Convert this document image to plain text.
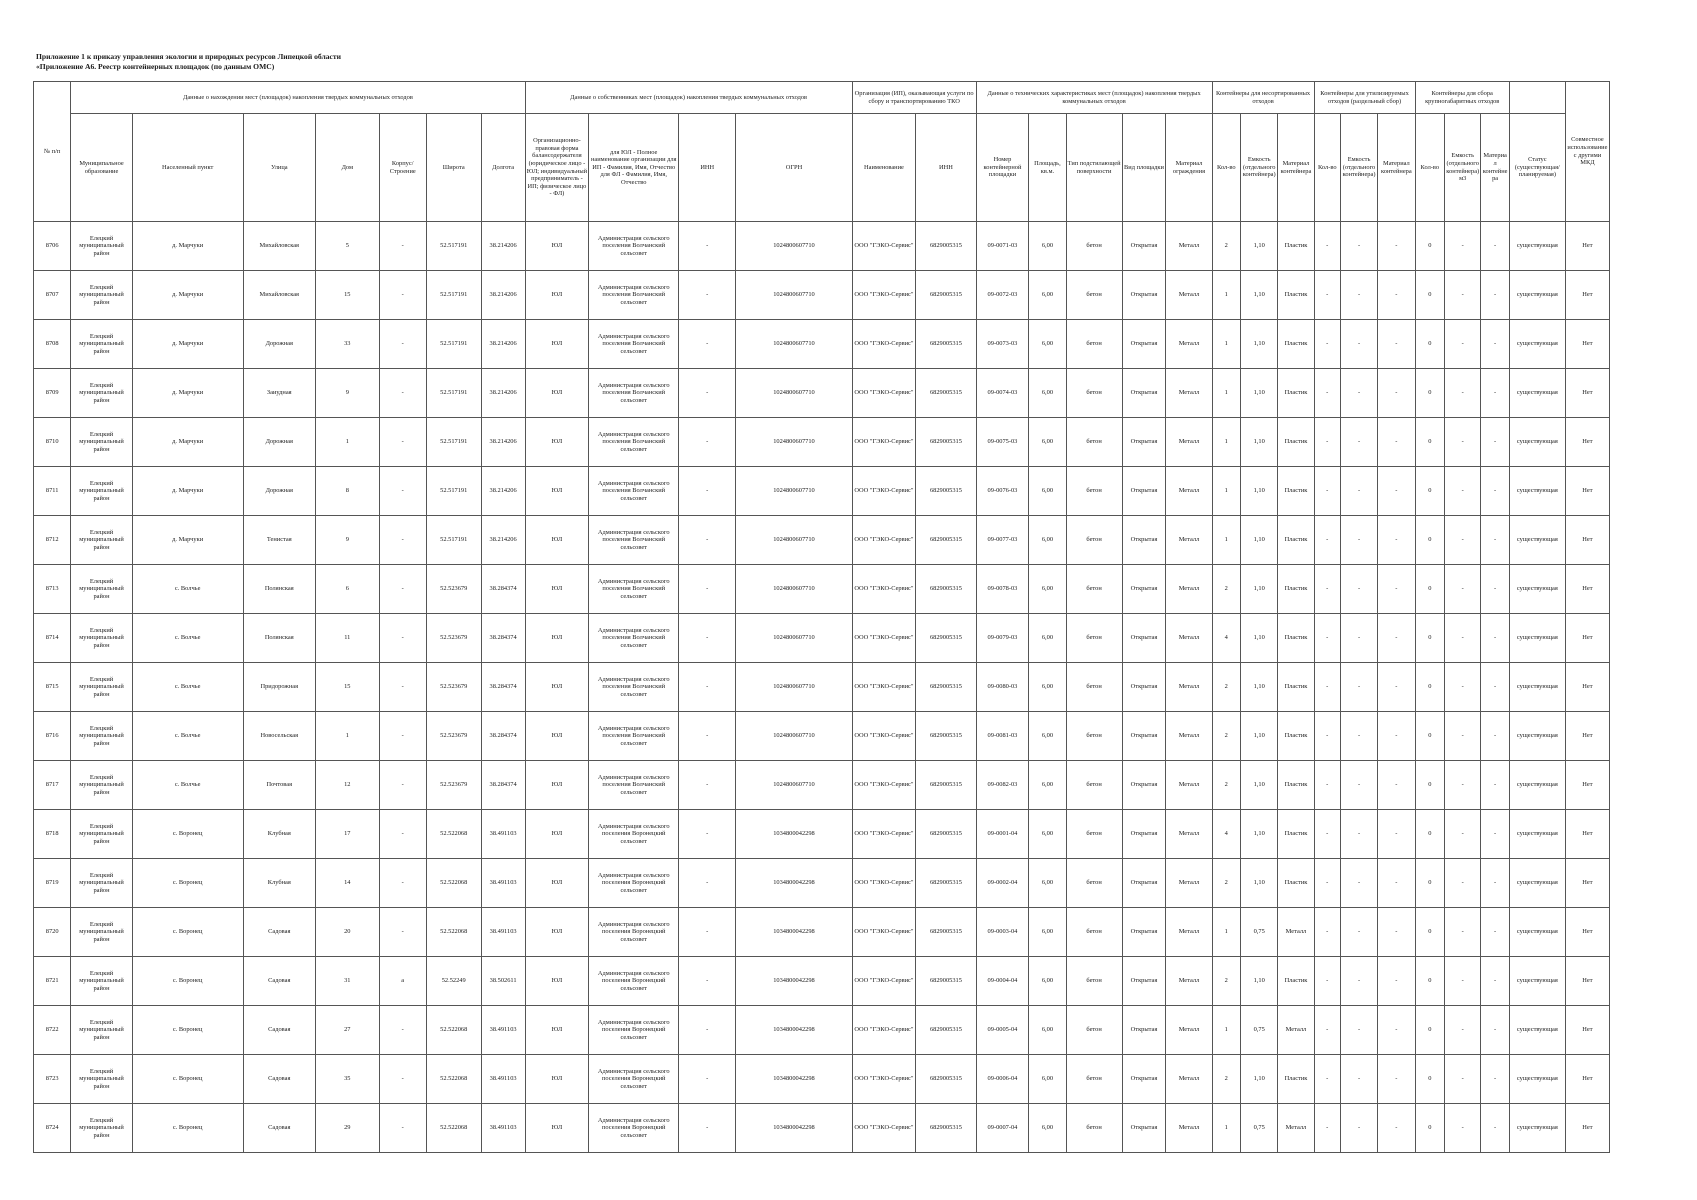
Приложение 1 к приказу управления экологии и природных ресурсов Липецкой области
«Приложение А6. Реестр контейнерных площадок (по данным ОМС)
№ п/п	Данные о нахождении мест (площадок) накопления твердых коммунальных отходов							Данные о собственниках мест (площадок) накопления твердых коммунальных отходов				Организация (ИП), оказывающая услуги по сбору и транспортированию ТКО		Данные о технических характеристиках мест (площадок) накопления твердых коммунальных отходов					Контейнеры для несортированных отходов			Контейнеры для утилизируемых отходов (раздельный сбор)			Контейнеры для сбора крупногабаритных отходов				Совместное использование с другими МКД

	Муниципальное образование	Населенный пункт	Улица	Дом	Корпус/Строение	Широта	Долгота	Организационно-правовая форма балансодержателя (юридическое лицо - ЮЛ; индивидуальный предприниматель - ИП; физическое лицо - ФЛ)	для ЮЛ - Полное наименование организации для ИП - Фамилия, Имя, Отчество для ФЛ - Фамилия, Имя, Отчество	ИНН	ОГРН	Наименование	ИНН	Номер контейнерной площадки	Площадь, кв.м.	Тип подстилающей поверхности	Вид площадки	Материал ограждения	Кол-во	Емкость (отдельного контейнера)	Материал контейнера	Кол-во	Емкость (отдельного контейнера)	Материал контейнера	Кол-во	Емкость (отдельного контейнера) м3	Материал контейнера	Статус (существующая/планируемая)	
8706	Елецкий муниципальный район	д. Марчуки	Михайловская	5	-	52.517191	38.214206	ЮЛ	Администрация сельского поселения Волчанский сельсовет	-	1024800607710	ООО "ГЭКО-Сервис"	6829005315	09-0071-03	6,00	бетон	Открытая	Металл	2	1,10	Пластик	-	-	-	0	-	-	существующая	Нет
8707	Елецкий муниципальный район	д. Марчуки	Михайловская	15	-	52.517191	38.214206	ЮЛ	Администрация сельского поселения Волчанский сельсовет	-	1024800607710	ООО "ГЭКО-Сервис"	6829005315	09-0072-03	6,00	бетон	Открытая	Металл	1	1,10	Пластик	-	-	-	0	-	-	существующая	Нет
8708	Елецкий муниципальный район	д. Марчуки	Дорожная	33	-	52.517191	38.214206	ЮЛ	Администрация сельского поселения Волчанский сельсовет	-	1024800607710	ООО "ГЭКО-Сервис"	6829005315	09-0073-03	6,00	бетон	Открытая	Металл	1	1,10	Пластик	-	-	-	0	-	-	существующая	Нет
8709	Елецкий муниципальный район	д. Марчуки	Заиудная	9	-	52.517191	38.214206	ЮЛ	Администрация сельского поселения Волчанский сельсовет	-	1024800607710	ООО "ГЭКО-Сервис"	6829005315	09-0074-03	6,00	бетон	Открытая	Металл	1	1,10	Пластик	-	-	-	0	-	-	существующая	Нет
8710	Елецкий муниципальный район	д. Марчуки	Дорожная	1	-	52.517191	38.214206	ЮЛ	Администрация сельского поселения Волчанский сельсовет	-	1024800607710	ООО "ГЭКО-Сервис"	6829005315	09-0075-03	6,00	бетон	Открытая	Металл	1	1,10	Пластик	-	-	-	0	-	-	существующая	Нет
8711	Елецкий муниципальный район	д. Марчуки	Дорожная	8	-	52.517191	38.214206	ЮЛ	Администрация сельского поселения Волчанский сельсовет	-	1024800607710	ООО "ГЭКО-Сервис"	6829005315	09-0076-03	6,00	бетон	Открытая	Металл	1	1,10	Пластик	-	-	-	0	-	-	существующая	Нет
8712	Елецкий муниципальный район	д. Марчуки	Тенистая	9	-	52.517191	38.214206	ЮЛ	Администрация сельского поселения Волчанский сельсовет	-	1024800607710	ООО "ГЭКО-Сервис"	6829005315	09-0077-03	6,00	бетон	Открытая	Металл	1	1,10	Пластик	-	-	-	0	-	-	существующая	Нет
8713	Елецкий муниципальный район	с. Волчье	Полянская	6	-	52.523679	38.284374	ЮЛ	Администрация сельского поселения Волчанский сельсовет	-	1024800607710	ООО "ГЭКО-Сервис"	6829005315	09-0078-03	6,00	бетон	Открытая	Металл	2	1,10	Пластик	-	-	-	0	-	-	существующая	Нет
8714	Елецкий муниципальный район	с. Волчье	Полянская	11	-	52.523679	38.284374	ЮЛ	Администрация сельского поселения Волчанский сельсовет	-	1024800607710	ООО "ГЭКО-Сервис"	6829005315	09-0079-03	6,00	бетон	Открытая	Металл	4	1,10	Пластик	-	-	-	0	-	-	существующая	Нет
8715	Елецкий муниципальный район	с. Волчье	Придорожная	15	-	52.523679	38.284374	ЮЛ	Администрация сельского поселения Волчанский сельсовет	-	1024800607710	ООО "ГЭКО-Сервис"	6829005315	09-0080-03	6,00	бетон	Открытая	Металл	2	1,10	Пластик	-	-	-	0	-	-	существующая	Нет
8716	Елецкий муниципальный район	с. Волчье	Новосельская	1	-	52.523679	38.284374	ЮЛ	Администрация сельского поселения Волчанский сельсовет	-	1024800607710	ООО "ГЭКО-Сервис"	6829005315	09-0081-03	6,00	бетон	Открытая	Металл	2	1,10	Пластик	-	-	-	0	-	-	существующая	Нет
8717	Елецкий муниципальный район	с. Волчье	Почтовая	12	-	52.523679	38.284374	ЮЛ	Администрация сельского поселения Волчанский сельсовет	-	1024800607710	ООО "ГЭКО-Сервис"	6829005315	09-0082-03	6,00	бетон	Открытая	Металл	2	1,10	Пластик	-	-	-	0	-	-	существующая	Нет
8718	Елецкий муниципальный район	с. Воронец	Клубная	17	-	52.522068	38.491103	ЮЛ	Администрация сельского поселения Воронецкий сельсовет	-	1034800042298	ООО "ГЭКО-Сервис"	6829005315	09-0001-04	6,00	бетон	Открытая	Металл	4	1,10	Пластик	-	-	-	0	-	-	существующая	Нет
8719	Елецкий муниципальный район	с. Воронец	Клубная	14	-	52.522068	38.491103	ЮЛ	Администрация сельского поселения Воронецкий сельсовет	-	1034800042298	ООО "ГЭКО-Сервис"	6829005315	09-0002-04	6,00	бетон	Открытая	Металл	2	1,10	Пластик	-	-	-	0	-	-	существующая	Нет
8720	Елецкий муниципальный район	с. Воронец	Садовая	20	-	52.522068	38.491103	ЮЛ	Администрация сельского поселения Воронецкий сельсовет	-	1034800042298	ООО "ГЭКО-Сервис"	6829005315	09-0003-04	6,00	бетон	Открытая	Металл	1	0,75	Металл	-	-	-	0	-	-	существующая	Нет
8721	Елецкий муниципальный район	с. Воронец	Садовая	31	а	52.52249	38.502611	ЮЛ	Администрация сельского поселения Воронецкий сельсовет	-	1034800042298	ООО "ГЭКО-Сервис"	6829005315	09-0004-04	6,00	бетон	Открытая	Металл	2	1,10	Пластик	-	-	-	0	-	-	существующая	Нет
8722	Елецкий муниципальный район	с. Воронец	Садовая	27	-	52.522068	38.491103	ЮЛ	Администрация сельского поселения Воронецкий сельсовет	-	1034800042298	ООО "ГЭКО-Сервис"	6829005315	09-0005-04	6,00	бетон	Открытая	Металл	1	0,75	Металл	-	-	-	0	-	-	существующая	Нет
8723	Елецкий муниципальный район	с. Воронец	Садовая	35	-	52.522068	38.491103	ЮЛ	Администрация сельского поселения Воронецкий сельсовет	-	1034800042298	ООО "ГЭКО-Сервис"	6829005315	09-0006-04	6,00	бетон	Открытая	Металл	2	1,10	Пластик	-	-	-	0	-	-	существующая	Нет
8724	Елецкий муниципальный район	с. Воронец	Садовая	29	-	52.522068	38.491103	ЮЛ	Администрация сельского поселения Воронецкий сельсовет	-	1034800042298	ООО "ГЭКО-Сервис"	6829005315	09-0007-04	6,00	бетон	Открытая	Металл	1	0,75	Металл	-	-	-	0	-	-	существующая	Нет
